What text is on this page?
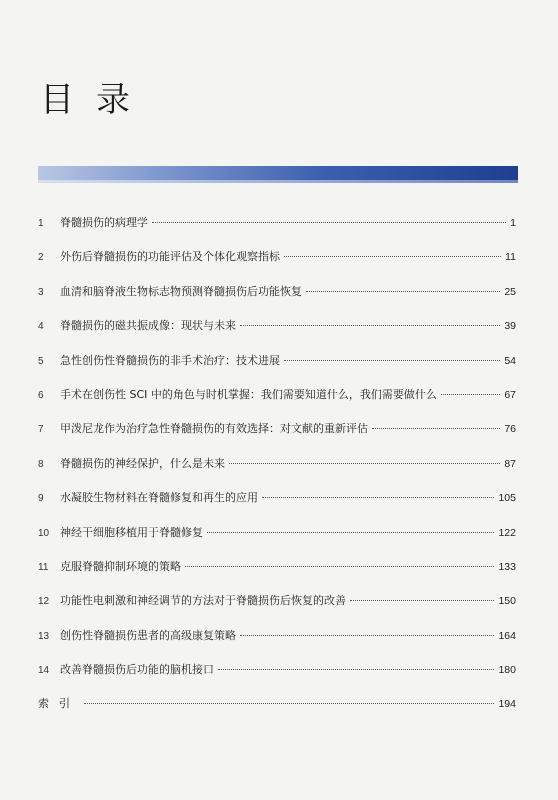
目录
1	脊髓损伤的病理学	1
2	外伤后脊髓损伤的功能评估及个体化观察指标	11
3	血清和脑脊液生物标志物预测脊髓损伤后功能恢复	25
4	脊髓损伤的磁共振成像：现状与未来	39
5	急性创伤性脊髓损伤的非手术治疗：技术进展	54
6	手术在创伤性 SCI 中的角色与时机掌握：我们需要知道什么，我们需要做什么	67
7	甲泼尼龙作为治疗急性脊髓损伤的有效选择：对文献的重新评估	76
8	脊髓损伤的神经保护，什么是未来	87
9	水凝胶生物材料在脊髓修复和再生的应用	105
10 神经干细胞移植用于脊髓修复	122
11	克服脊髓抑制环境的策略	133
12 功能性电刺激和神经调节的方法对于脊髓损伤后恢复的改善	150
13 创伤性脊髓损伤患者的高级康复策略	164
14 改善脊髓损伤后功能的脑机接口	180
索引	194
